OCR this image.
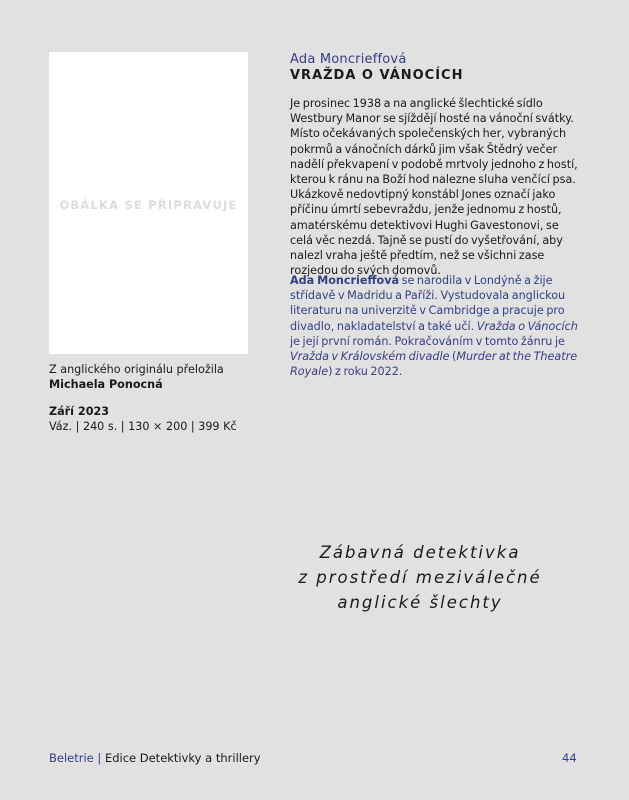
OBÁLKA SE PŘIPRAVUJE
Z anglického originálu přeložila
Michaela Ponocná
Září 2023
Váz. | 240 s. | 130 × 200 | 399 Kč
Ada Moncrieffová
VRAŽDA O VÁNOCÍCH

Je prosinec 1938 a na anglické šlechtické sídlo Westbury Manor se sjíždějí hosté na vánoční svátky. Místo očekávaných společenských her, vybraných pokrmů a vánočních dárků jim však Štědrý večer nadělí překvapení v podobě mrtvoly jednoho z hostí, kterou k ránu na Boží hod nalezne sluha venčící psa. Ukázkově nedovtipný konstábl Jones označí jako příčinu úmrtí sebevraždu, jenže jednomu z hostů, amatérskému detektivovi Hughi Gavestonovi, se celá věc nezdá. Tajně se pustí do vyšetřování, aby nalezl vraha ještě předtím, než se všichni zase rozjedou do svých domovů.

Ada Moncrieffová se narodila v Londýně a žije střídavě v Madridu a Paříži. Vystudovala anglickou literaturu na univerzitě v Cambridge a pracuje pro divadlo, nakladatelství a také učí. Vražda o Vánocích je její první román. Pokračováním v tomto žánru je Vražda v Královském divadle (Murder at the Theatre Royale) z roku 2022.

Zábavná detektivka
z prostředí meziválečné
anglické šlechty
Beletrie | Edice Detektivky a thrillery	44
